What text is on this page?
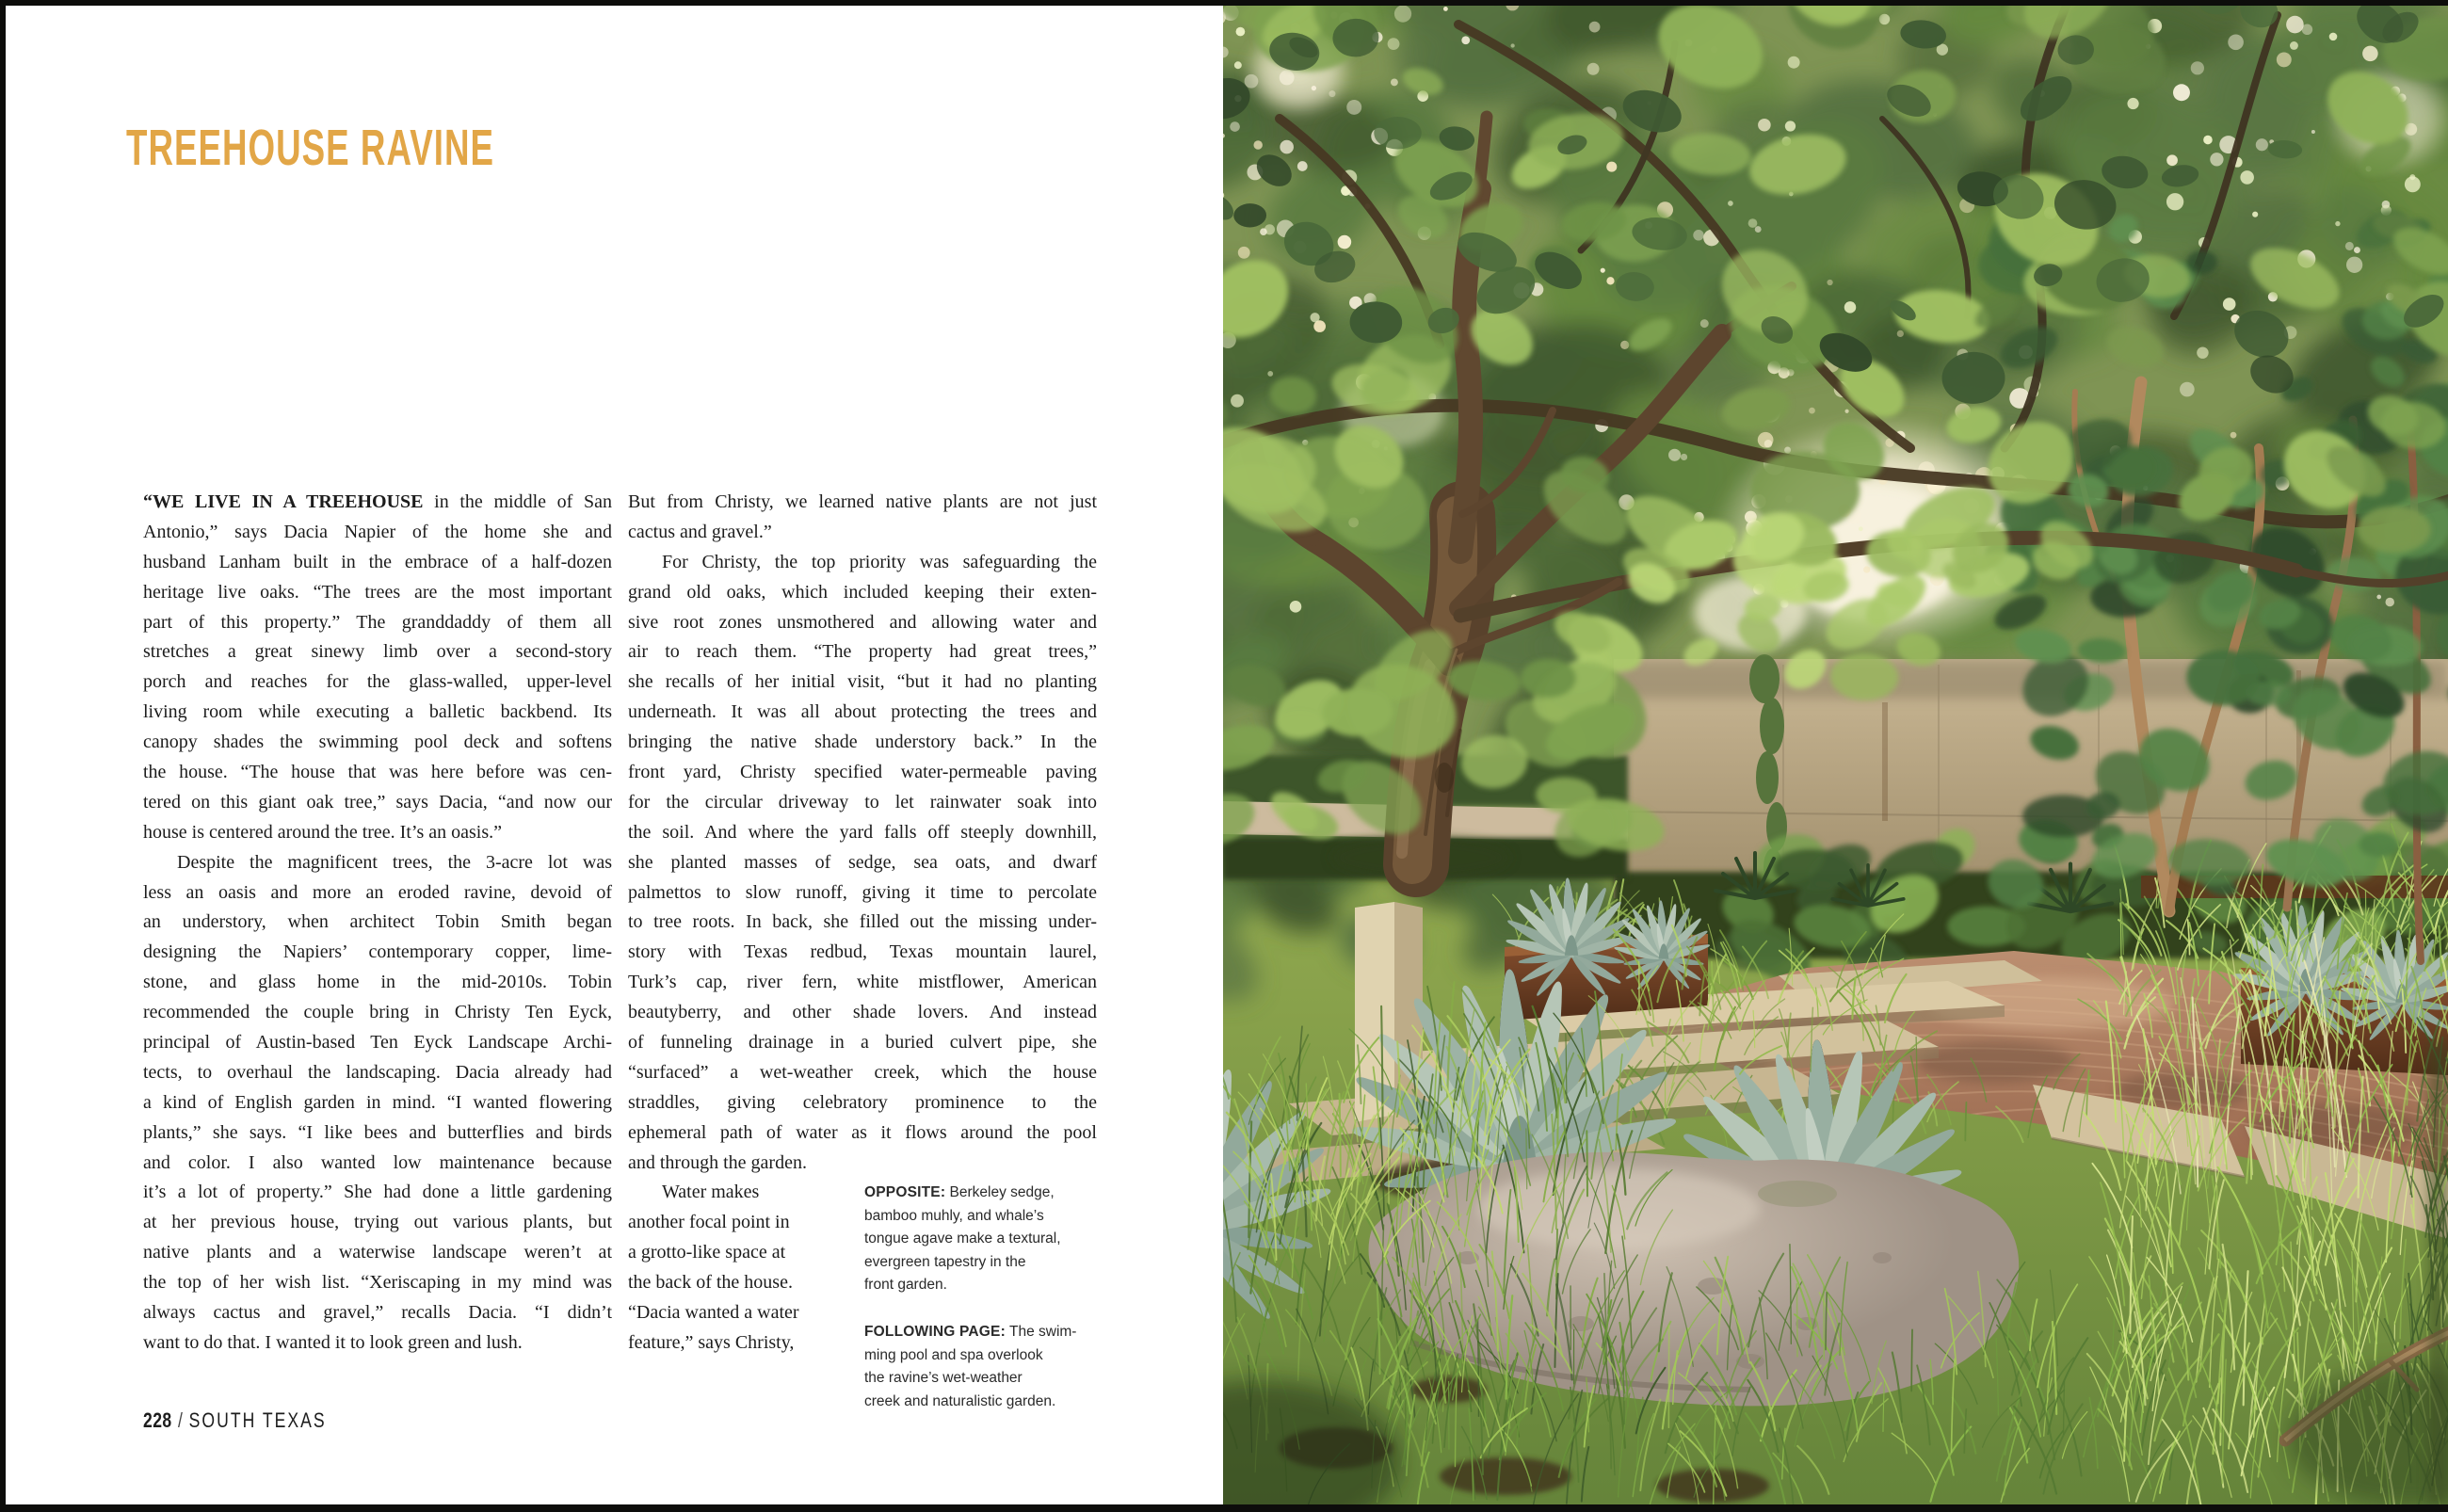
TREEHOUSE RAVINE
“WE LIVE IN A TREEHOUSE in the middle of San
Antonio,” says Dacia Napier of the home she and
husband Lanham built in the embrace of a half-dozen
heritage live oaks. “The trees are the most important
part of this property.” The granddaddy of them all
stretches a great sinewy limb over a second-story
porch and reaches for the glass-walled, upper-level
living room while executing a balletic backbend. Its
canopy shades the swimming pool deck and softens
the house. “The house that was here before was cen-
tered on this giant oak tree,” says Dacia, “and now our
house is centered around the tree. It’s an oasis.”
Despite the magnificent trees, the 3-acre lot was
less an oasis and more an eroded ravine, devoid of
an understory, when architect Tobin Smith began
designing the Napiers’ contemporary copper, lime-
stone, and glass home in the mid-2010s. Tobin
recommended the couple bring in Christy Ten Eyck,
principal of Austin-based Ten Eyck Landscape Archi-
tects, to overhaul the landscaping. Dacia already had
a kind of English garden in mind. “I wanted flowering
plants,” she says. “I like bees and butterflies and birds
and color. I also wanted low maintenance because
it’s a lot of property.” She had done a little gardening
at her previous house, trying out various plants, but
native plants and a waterwise landscape weren’t at
the top of her wish list. “Xeriscaping in my mind was
always cactus and gravel,” recalls Dacia. “I didn’t
want to do that. I wanted it to look green and lush.
But from Christy, we learned native plants are not just
cactus and gravel.”
For Christy, the top priority was safeguarding the
grand old oaks, which included keeping their exten-
sive root zones unsmothered and allowing water and
air to reach them. “The property had great trees,”
she recalls of her initial visit, “but it had no planting
underneath. It was all about protecting the trees and
bringing the native shade understory back.” In the
front yard, Christy specified water-permeable paving
for the circular driveway to let rainwater soak into
the soil. And where the yard falls off steeply downhill,
she planted masses of sedge, sea oats, and dwarf
palmettos to slow runoff, giving it time to percolate
to tree roots. In back, she filled out the missing under-
story with Texas redbud, Texas mountain laurel,
Turk’s cap, river fern, white mistflower, American
beautyberry, and other shade lovers. And instead
of funneling drainage in a buried culvert pipe, she
“surfaced” a wet-weather creek, which the house
straddles, giving celebratory prominence to the
ephemeral path of water as it flows around the pool
and through the garden.
Water makes
another focal point in
a grotto-like space at
the back of the house.
“Dacia wanted a water
feature,” says Christy,
OPPOSITE: Berkeley sedge,
bamboo muhly, and whale’s
tongue agave make a textural,
evergreen tapestry in the
front garden.
FOLLOWING PAGE: The swim-
ming pool and spa overlook
the ravine’s wet-weather
creek and naturalistic garden.
228 / SOUTH TEXAS
